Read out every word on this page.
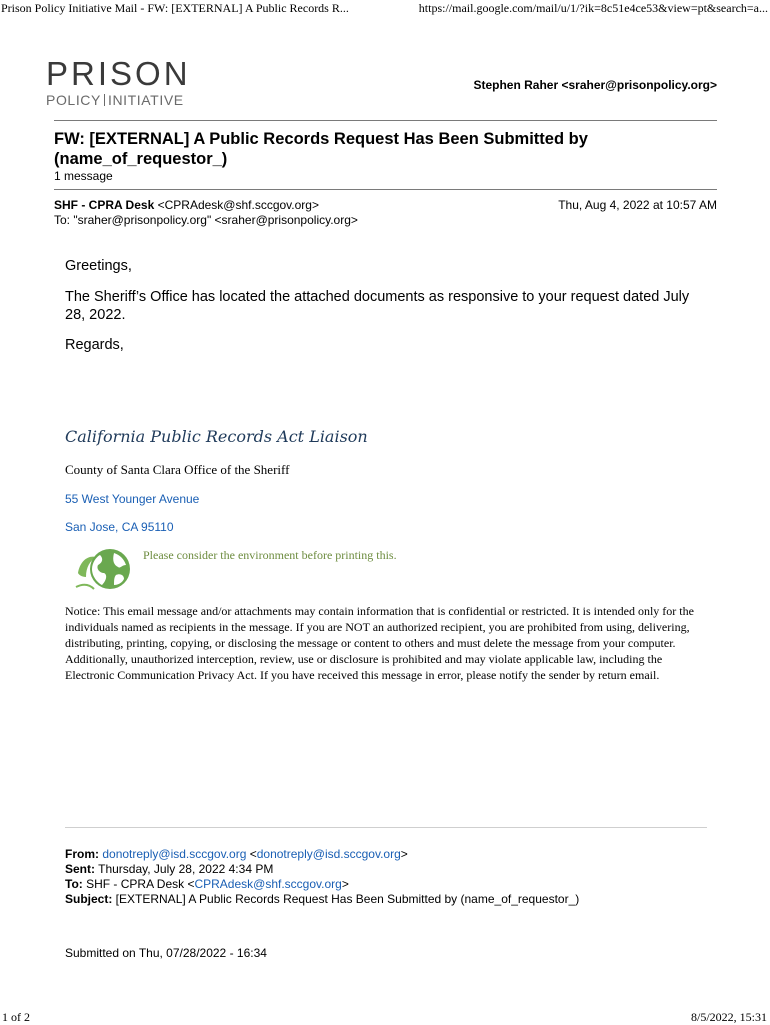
Prison Policy Initiative Mail - FW: [EXTERNAL] A Public Records R...	https://mail.google.com/mail/u/1/?ik=8c51e4ce53&view=pt&search=a...
PRISON
POLICY INITIATIVE
Stephen Raher <sraher@prisonpolicy.org>
FW: [EXTERNAL] A Public Records Request Has Been Submitted by (name_of_requestor_)
1 message
SHF - CPRA Desk <CPRAdesk@shf.sccgov.org>
To: "sraher@prisonpolicy.org" <sraher@prisonpolicy.org>
Thu, Aug 4, 2022 at 10:57 AM
Greetings,
The Sheriff’s Office has located the attached documents as responsive to your request dated July 28, 2022.
Regards,
California Public Records Act Liaison
County of Santa Clara Office of the Sheriff
55 West Younger Avenue
San Jose, CA 95110
Please consider the environment before printing this.
Notice: This email message and/or attachments may contain information that is confidential or restricted. It is intended only for the individuals named as recipients in the message. If you are NOT an authorized recipient, you are prohibited from using, delivering, distributing, printing, copying, or disclosing the message or content to others and must delete the message from your computer. Additionally, unauthorized interception, review, use or disclosure is prohibited and may violate applicable law, including the Electronic Communication Privacy Act. If you have received this message in error, please notify the sender by return email.
From: donotreply@isd.sccgov.org <donotreply@isd.sccgov.org>
Sent: Thursday, July 28, 2022 4:34 PM
To: SHF - CPRA Desk <CPRAdesk@shf.sccgov.org>
Subject: [EXTERNAL] A Public Records Request Has Been Submitted by (name_of_requestor_)
Submitted on Thu, 07/28/2022 - 16:34
1 of 2	8/5/2022, 15:31
